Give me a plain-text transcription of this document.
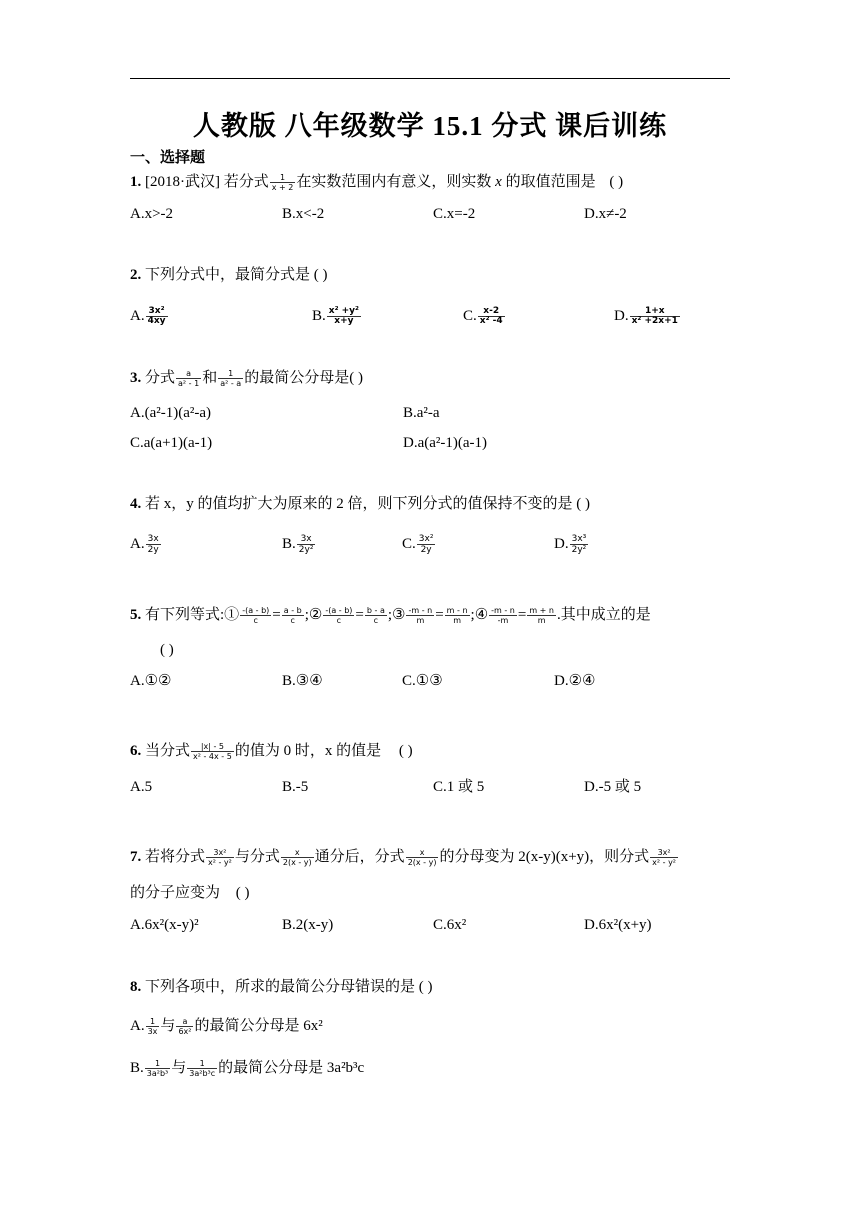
人教版 八年级数学 15.1 分式 课后训练
一、选择题
1. [2018·武汉] 若分式 $\frac{1}{x + 2}$ 在实数范围内有意义，则实数 x 的取值范围是 ( )
A.x>-2	B.x<-2	C.x=-2	D.x≠-2
2. 下列分式中，最简分式是 ( )
A. $\frac{\text{3x²}}{4xy}$	B. $\frac{\text{x² +y²}}{x+y}$	C. $\frac{x-2}{\text{x² -4}}$	D. $\frac{1+x}{\text{x² +2x+1}}$
3. 分式 $\frac{a}{\text{a² - 1}}$ 和 $\frac{1}{\text{a² - a}}$ 的最简公分母是( )
A.(a²-1)(a²-a)	B.a²-a
C.a(a+1)(a-1)	D.a(a²-1)(a-1)
4. 若 x，y 的值均扩大为原来的 2 倍，则下列分式的值保持不变的是 ( )
A. $\frac{3x}{2y}$	B. $\frac{3x}{\text{2y²}}$	C. $\frac{\text{3x²}}{2y}$	D. $\frac{\text{3x³}}{\text{2y²}}$
5. 有下列等式:① $\frac{-(a - b)}{c} = \frac{a - b}{c}$ ;② $\frac{-(a - b)}{c} = \frac{b - a}{c}$ ;③ $\frac{-m - n}{m} = \frac{m - n}{m}$ ;④ $\frac{-m - n}{-m} = \frac{m + n}{m}$ .其中成立的是
( )
A.①②	B.③④	C.①③	D.②④
6. 当分式 $\frac{|x| - 5}{\text{x² - 4x - 5}}$ 的值为 0 时，x 的值是 ( )
A.5	B.-5	C.1 或 5	D.-5 或 5
7. 若将分式 $\frac{\text{3x²}}{\text{x² - y²}}$ 与分式 $\frac{x}{2(x - y)}$ 通分后，分式 $\frac{x}{2(x - y)}$ 的分母变为 2(x-y)(x+y)，则分式 $\frac{\text{3x²}}{\text{x² - y²}}$
的分子应变为 ( )
A.6x²(x-y)²	B.2(x-y)	C.6x²	D.6x²(x+y)
8. 下列各项中，所求的最简公分母错误的是 ( )
A. $\frac{1}{3x}$ 与 $\frac{a}{\text{6x²}}$ 的最简公分母是 6x²
B. $\frac{1}{\text{3a²b³}}$ 与 $\frac{1}{\text{3a²b³c}}$ 的最简公分母是 3a²b³c
